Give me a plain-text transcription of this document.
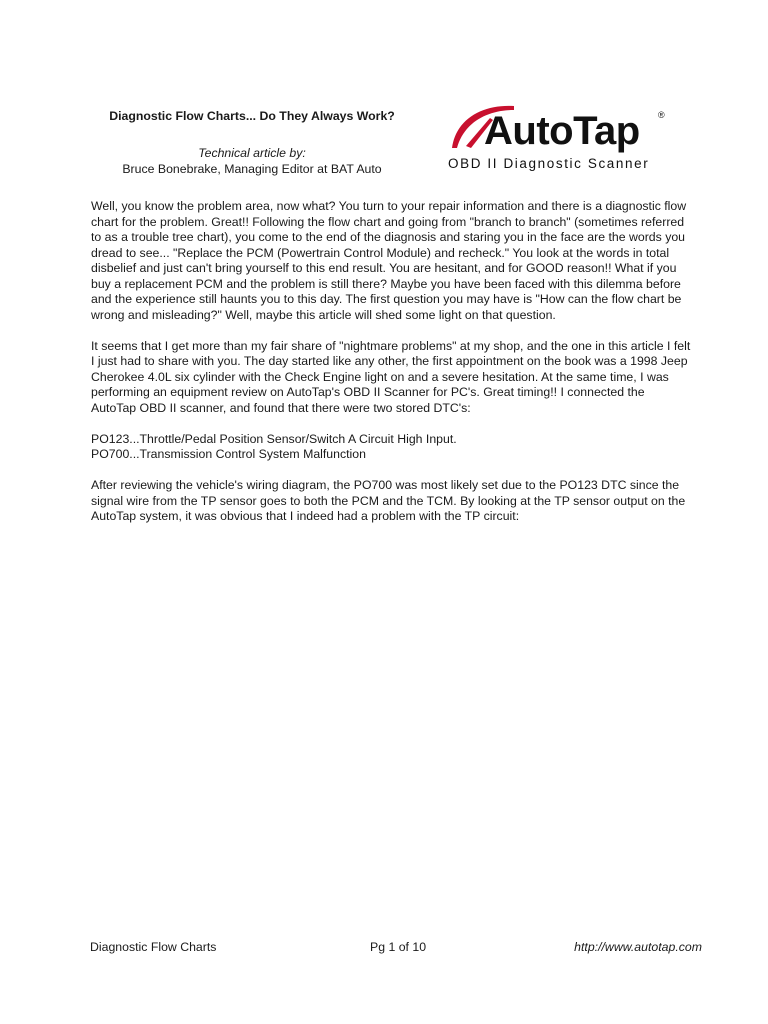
Diagnostic Flow Charts... Do They Always Work?

Technical article by:

Bruce Bonebrake, Managing Editor at BAT Auto

AutoTap ®
OBD II Diagnostic Scanner

Well, you know the problem area, now what? You turn to your repair information and there is a diagnostic flow chart for the problem. Great!! Following the flow chart and going from "branch to branch" (sometimes referred to as a trouble tree chart), you come to the end of the diagnosis and staring you in the face are the words you dread to see... "Replace the PCM (Powertrain Control Module) and recheck." You look at the words in total disbelief and just can't bring yourself to this end result. You are hesitant, and for GOOD reason!! What if you buy a replacement PCM and the problem is still there? Maybe you have been faced with this dilemma before and the experience still haunts you to this day. The first question you may have is "How can the flow chart be wrong and misleading?" Well, maybe this article will shed some light on that question.

It seems that I get more than my fair share of "nightmare problems" at my shop, and the one in this article I felt I just had to share with you. The day started like any other, the first appointment on the book was a 1998 Jeep Cherokee 4.0L six cylinder with the Check Engine light on and a severe hesitation. At the same time, I was performing an equipment review on AutoTap's OBD II Scanner for PC's. Great timing!! I connected the AutoTap OBD II scanner, and found that there were two stored DTC's:

PO123...Throttle/Pedal Position Sensor/Switch A Circuit High Input.
PO700...Transmission Control System Malfunction

After reviewing the vehicle's wiring diagram, the PO700 was most likely set due to the PO123 DTC since the signal wire from the TP sensor goes to both the PCM and the TCM. By looking at the TP sensor output on the AutoTap system, it was obvious that I indeed had a problem with the TP circuit:

Diagnostic Flow Charts	Pg 1 of 10	http://www.autotap.com
